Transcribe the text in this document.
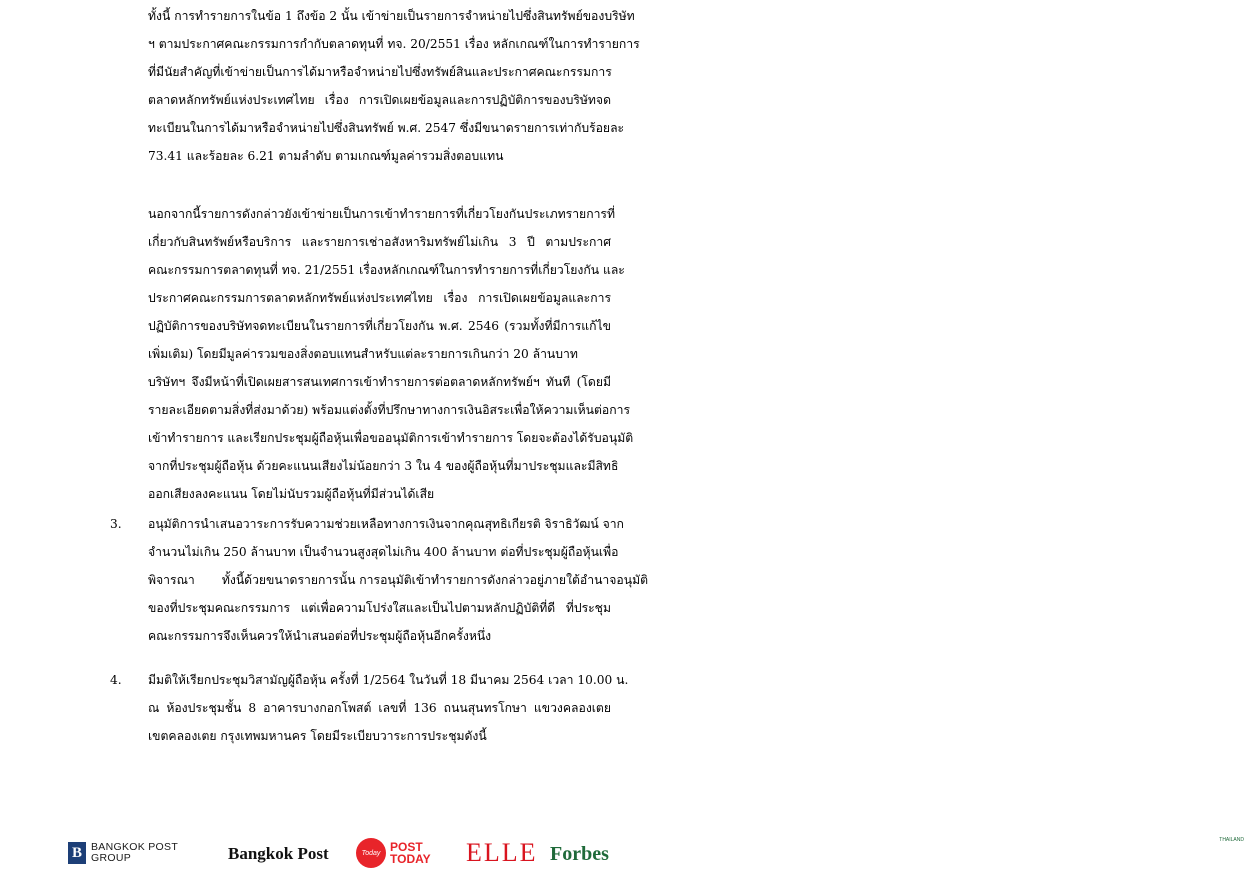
ทั้งนี้ การทำรายการในข้อ 1 ถึงข้อ 2 นั้น เข้าข่ายเป็นรายการจำหน่ายไปซึ่งสินทรัพย์ของบริษัท
ฯ ตามประกาศคณะกรรมการกำกับตลาดทุนที่ ทจ. 20/2551 เรื่อง หลักเกณฑ์ในการทำรายการ
ที่มีนัยสำคัญที่เข้าข่ายเป็นการได้มาหรือจำหน่ายไปซึ่งทรัพย์สินและประกาศคณะกรรมการ
ตลาดหลักทรัพย์แห่งประเทศไทย เรื่อง การเปิดเผยข้อมูลและการปฏิบัติการของบริษัทจด
ทะเบียนในการได้มาหรือจำหน่ายไปซึ่งสินทรัพย์ พ.ศ. 2547 ซึ่งมีขนาดรายการเท่ากับร้อยละ
73.41 และร้อยละ 6.21 ตามลำดับ ตามเกณฑ์มูลค่ารวมสิ่งตอบแทน
นอกจากนี้รายการดังกล่าวยังเข้าข่ายเป็นการเข้าทำรายการที่เกี่ยวโยงกันประเภทรายการที่
เกี่ยวกับสินทรัพย์หรือบริการ และรายการเช่าอสังหาริมทรัพย์ไม่เกิน 3 ปี ตามประกาศ
คณะกรรมการตลาดทุนที่ ทจ. 21/2551 เรื่องหลักเกณฑ์ในการทำรายการที่เกี่ยวโยงกัน และ
ประกาศคณะกรรมการตลาดหลักทรัพย์แห่งประเทศไทย เรื่อง การเปิดเผยข้อมูลและการ
ปฏิบัติการของบริษัทจดทะเบียนในรายการที่เกี่ยวโยงกัน พ.ศ. 2546 (รวมทั้งที่มีการแก้ไข
เพิ่มเติม) โดยมีมูลค่ารวมของสิ่งตอบแทนสำหรับแต่ละรายการเกินกว่า 20 ล้านบาท
บริษัทฯ จึงมีหน้าที่เปิดเผยสารสนเทศการเข้าทำรายการต่อตลาดหลักทรัพย์ฯ ทันที (โดยมี
รายละเอียดตามสิ่งที่ส่งมาด้วย) พร้อมแต่งตั้งที่ปรึกษาทางการเงินอิสระเพื่อให้ความเห็นต่อการ
เข้าทำรายการ และเรียกประชุมผู้ถือหุ้นเพื่อขออนุมัติการเข้าทำรายการ โดยจะต้องได้รับอนุมัติ
จากที่ประชุมผู้ถือหุ้น ด้วยคะแนนเสียงไม่น้อยกว่า 3 ใน 4 ของผู้ถือหุ้นที่มาประชุมและมีสิทธิ
ออกเสียงลงคะแนน โดยไม่นับรวมผู้ถือหุ้นที่มีส่วนได้เสีย
3. อนุมัติการนำเสนอวาระการรับความช่วยเหลือทางการเงินจากคุณสุทธิเกียรติ จิราธิวัฒน์ จาก
จำนวนไม่เกิน 250 ล้านบาท เป็นจำนวนสูงสุดไม่เกิน 400 ล้านบาท ต่อที่ประชุมผู้ถือหุ้นเพื่อ
พิจารณา       ทั้งนี้ด้วยขนาดรายการนั้น การอนุมัติเข้าทำรายการดังกล่าวอยู่ภายใต้อำนาจอนุมัติ
ของที่ประชุมคณะกรรมการ แต่เพื่อความโปร่งใสและเป็นไปตามหลักปฏิบัติที่ดี ที่ประชุม
คณะกรรมการจึงเห็นควรให้นำเสนอต่อที่ประชุมผู้ถือหุ้นอีกครั้งหนึ่ง
4. มีมติให้เรียกประชุมวิสามัญผู้ถือหุ้น ครั้งที่ 1/2564 ในวันที่ 18 มีนาคม 2564 เวลา 10.00 น.
ณ ห้องประชุมชั้น 8 อาคารบางกอกโพสต์ เลขที่ 136 ถนนสุนทรโกษา แขวงคลองเตย
เขตคลองเตย กรุงเทพมหานคร โดยมีระเบียบวาระการประชุมดังนี้
B BANGKOK POST
GROUP	Bangkok Post	Today POST
TODAY ELLE	THAILAND
Forbes
